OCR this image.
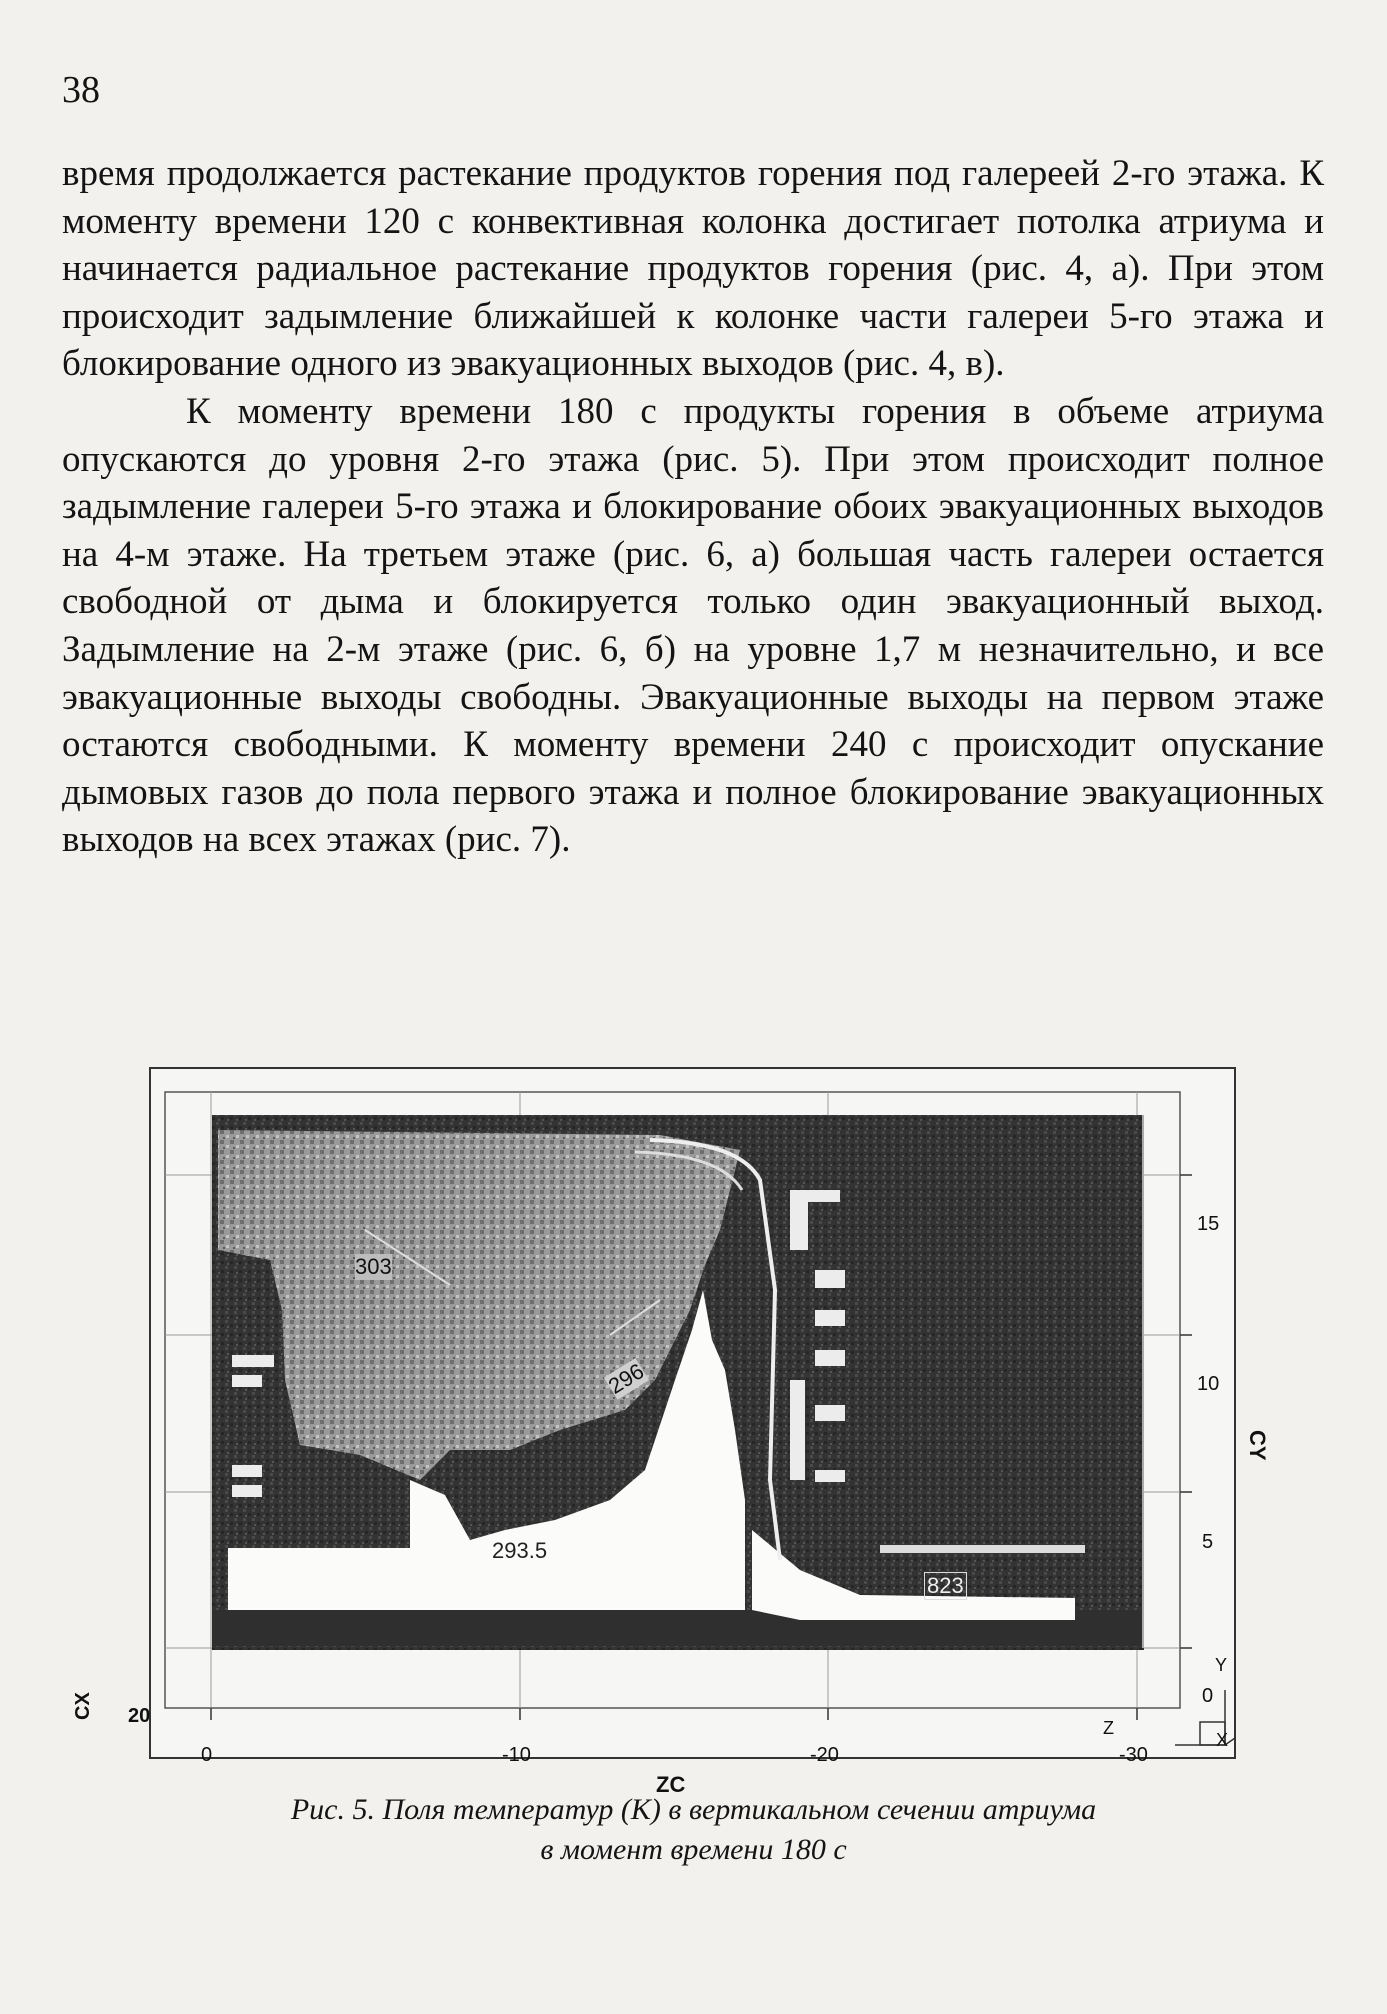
38

время продолжается растекание продуктов горения под галереей 2-го этажа. К моменту времени 120 с конвективная колонка достигает потолка атриума и начинается радиальное растекание продуктов горения (рис. 4, а). При этом происходит задымление ближайшей к колонке части галереи 5-го этажа и блокирование одного из эвакуационных выходов (рис. 4, в).

К моменту времени 180 с продукты горения в объеме атриума опускаются до уровня 2-го этажа (рис. 5). При этом происходит полное задымление галереи 5-го этажа и блокирование обоих эвакуационных выходов на 4-м этаже. На третьем этаже (рис. 6, а) большая часть галереи остается свободной от дыма и блокируется только один эвакуационный выход. Задымление на 2-м этаже (рис. 6, б) на уровне 1,7 м незначительно, и все эвакуационные выходы свободны. Эвакуационные выходы на первом этаже остаются свободными. К моменту времени 240 с происходит опускание дымовых газов до пола первого этажа и полное блокирование эвакуационных выходов на всех этажах (рис. 7).

0	-10	-20	-30
15
10
5
0
ZC
CY
CX 20
303
296
293.5
823
Y
Z
X
Рис. 5. Поля температур (K) в вертикальном сечении атриума
в момент времени 180 с
